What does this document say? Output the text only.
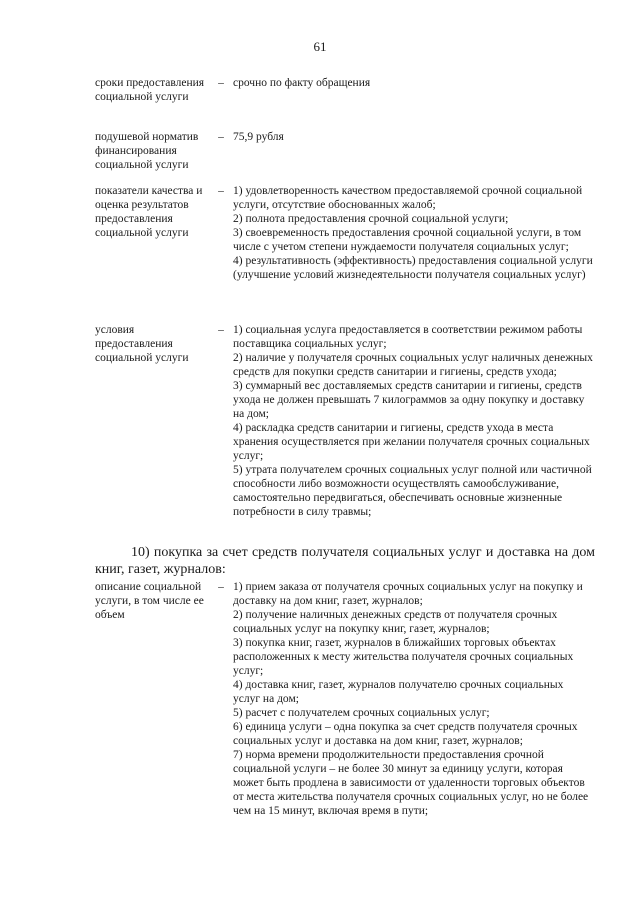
61
сроки предоставления социальной услуги
– срочно по факту обращения

подушевой норматив финансирования социальной услуги
– 75,9 рубля

показатели качества и оценка результатов предоставления социальной услуги
– 1) удовлетворенность качеством предоставляемой срочной социальной услуги, отсутствие обоснованных жалоб;

2) полнота предоставления срочной социальной услуги;

3) своевременность предоставления срочной социальной услуги, в том числе с учетом степени нуждаемости получателя социальных услуг;

4) результативность (эффективность) предоставления социальной услуги (улучшение условий жизнедеятельности получателя социальных услуг)

условия предоставления социальной услуги
– 1) социальная услуга предоставляется в соответствии режимом работы поставщика социальных услуг;

2) наличие у получателя срочных социальных услуг наличных денежных средств для покупки средств санитарии и гигиены, средств ухода;

3) суммарный вес доставляемых средств санитарии и гигиены, средств ухода не должен превышать 7 килограммов за одну покупку и доставку на дом;

4) раскладка средств санитарии и гигиены, средств ухода в места хранения осуществляется при желании получателя срочных социальных услуг;

5) утрата получателем срочных социальных услуг полной или частичной способности либо возможности осуществлять самообслуживание, самостоятельно передвигаться, обеспечивать основные жизненные потребности в силу травмы;

10) покупка за счет средств получателя социальных услуг и доставка на дом книг, газет, журналов:
описание социальной услуги, в том числе ее объем
– 1) прием заказа от получателя срочных социальных услуг на покупку и доставку на дом книг, газет, журналов;

2) получение наличных денежных средств от получателя срочных социальных услуг на покупку книг, газет, журналов;

3) покупка книг, газет, журналов в ближайших торговых объектах расположенных к месту жительства получателя срочных социальных услуг;

4) доставка книг, газет, журналов получателю срочных социальных услуг на дом;

5) расчет с получателем срочных социальных услуг;

6) единица услуги – одна покупка за счет средств получателя срочных социальных услуг и доставка на дом книг, газет, журналов;

7) норма времени продолжительности предоставления срочной социальной услуги – не более 30 минут за единицу услуги, которая может быть продлена в зависимости от удаленности торговых объектов от места жительства получателя срочных социальных услуг, но не более чем на 15 минут, включая время в пути;
